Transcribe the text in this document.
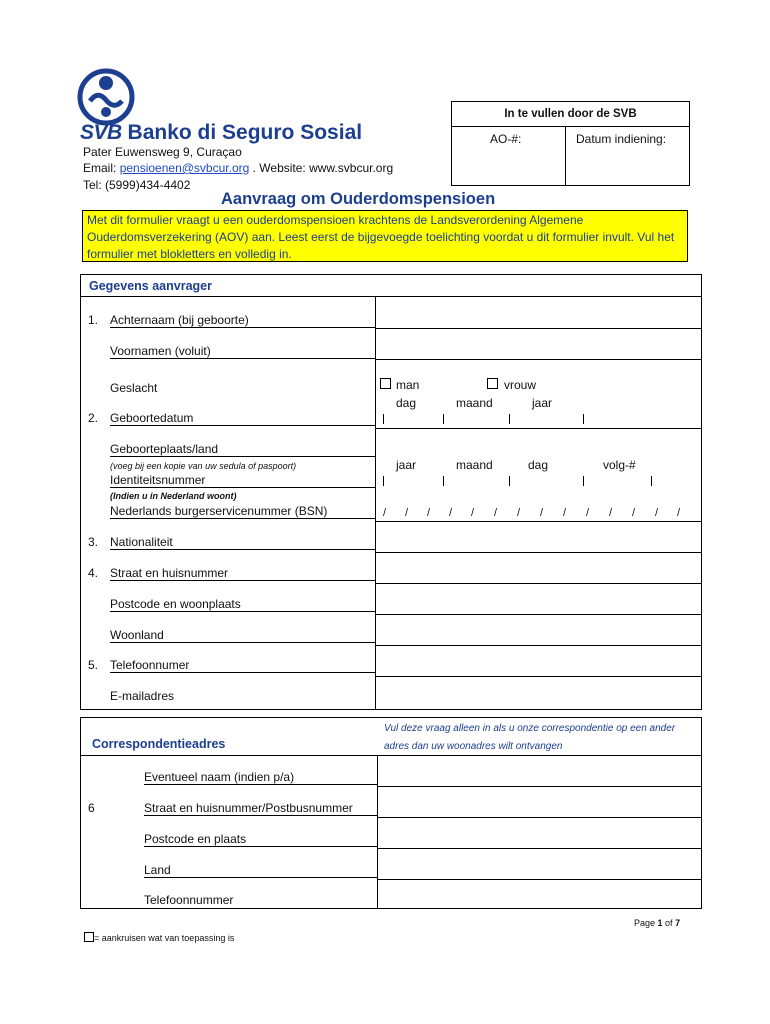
SVB Banko di Seguro Sosial
Pater Euwensweg 9, Curaçao
Email: pensioenen@svbcur.org . Website: www.svbcur.org
Tel: (5999)434-4402
In te vullen door de SVB
AO-#:	Datum indiening:
Aanvraag om Ouderdomspensioen
Met dit formulier vraagt u een ouderdomspensioen krachtens de Landsverordening Algemene Ouderdomsverzekering (AOV) aan. Leest eerst de bijgevoegde toelichting voordat u dit formulier invult. Vul het formulier met blokletters en volledig in.
Gegevens aanvrager
1. Achternaam (bij geboorte)
Voornamen (voluit)
Geslacht	man	vrouw
dag	maand	jaar
2. Geboortedatum
Geboorteplaats/land
(voeg bij een kopie van uw sedula of paspoort)
Identiteitsnummer
jaar	maand	dag	volg-#
(Indien u in Nederland woont)
Nederlands burgerservicenummer (BSN)	/ / / / / / / / / / / / / /
3. Nationaliteit
4. Straat en huisnummer
Postcode en woonplaats
Woonland
5. Telefoonnumer
E-mailadres
Correspondentieadres
Vul deze vraag alleen in als u onze correspondentie op een ander
adres dan uw woonadres wilt ontvangen
6
Eventueel naam (indien p/a)
Straat en huisnummer/Postbusnummer
Postcode en plaats
Land
Telefoonnummer
Page 1 of 7
= aankruisen wat van toepassing is
